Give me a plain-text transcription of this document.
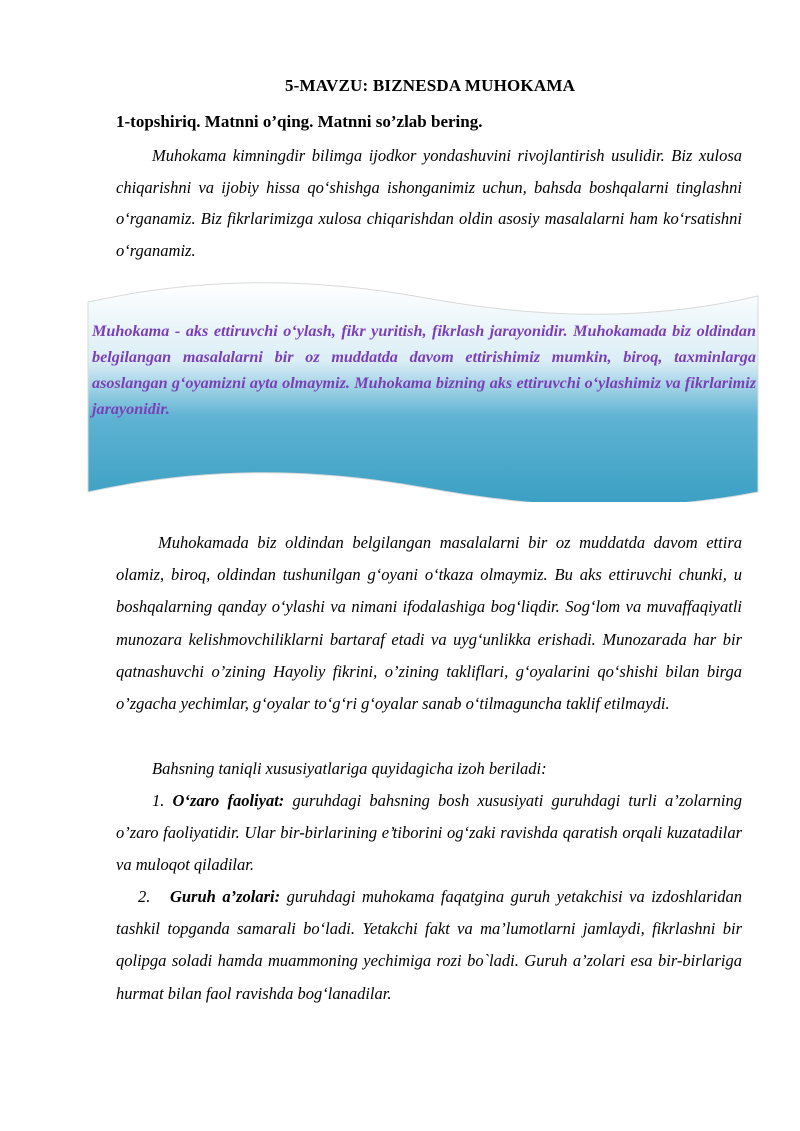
5-MAVZU: BIZNESDA MUHOKAMA
1-topshiriq. Matnni o’qing. Matnni so’zlab bering.
Muhokama kimningdir bilimga ijodkor yondashuvini rivojlantirish usulidir. Biz xulosa chiqarishni va ijobiy hissa qo‘shishga ishonganimiz uchun, bahsda boshqalarni tinglashni o‘rganamiz. Biz fikrlarimizga xulosa chiqarishdan oldin asosiy masalalarni ham ko‘rsatishni o‘rganamiz.
Muhokama - aks ettiruvchi o‘ylash, fikr yuritish, fikrlash jarayonidir. Muhokamada biz oldindan belgilangan masalalarni bir oz muddatda davom ettirishimiz mumkin, biroq, taxminlarga asoslangan g‘oyamizni ayta olmaymiz. Muhokama bizning aks ettiruvchi o‘ylashimiz va fikrlarimiz jarayonidir.
Muhokamada biz oldindan belgilangan masalalarni bir oz muddatda davom ettira olamiz, biroq, oldindan tushunilgan g‘oyani o‘tkaza olmaymiz. Bu aks ettiruvchi chunki, u boshqalarning qanday o‘ylashi va nimani ifodalashiga bog‘liqdir. Sog‘lom va muvaffaqiyatli munozara kelishmovchiliklarni bartaraf etadi va uyg‘unlikka erishadi. Munozarada har bir qatnashuvchi o’zining Hayoliy fikrini, o’zining takliflari, g‘oyalarini qo‘shishi bilan birga o’zgacha yechimlar, g‘oyalar to‘g‘ri g‘oyalar sanab o‘tilmaguncha taklif etilmaydi.
Bahsning taniqli xususiyatlariga quyidagicha izoh beriladi:
1. O‘zaro faoliyat: guruhdagi bahsning bosh xususiyati guruhdagi turli a’zolarning o’zaro faoliyatidir. Ular bir-birlarining e’tiborini og‘zaki ravishda qaratish orqali kuzatadilar va muloqot qiladilar.
2. Guruh a’zolari: guruhdagi muhokama faqatgina guruh yetakchisi va izdoshlaridan tashkil topganda samarali bo‘ladi. Yetakchi fakt va ma’lumotlarni jamlaydi, fikrlashni bir qolipga soladi hamda muammoning yechimiga rozi bo`ladi. Guruh a’zolari esa bir-birlariga hurmat bilan faol ravishda bog‘lanadilar.
